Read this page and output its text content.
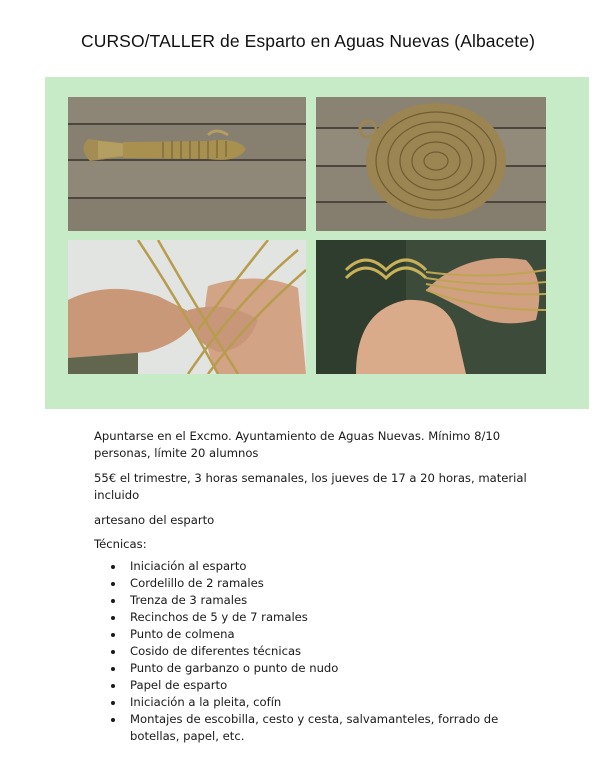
CURSO/TALLER de Esparto en Aguas Nuevas (Albacete)
Apuntarse en el Excmo. Ayuntamiento de Aguas Nuevas. Mínimo 8/10 personas, límite 20 alumnos
55€ el trimestre, 3 horas semanales, los jueves de 17 a 20 horas, material incluido
artesano del esparto
Técnicas:
Iniciación al esparto
Cordelillo de 2 ramales
Trenza de 3 ramales
Recinchos de 5 y de 7 ramales
Punto de colmena
Cosido de diferentes técnicas
Punto de garbanzo o punto de nudo
Papel de esparto
Iniciación a la pleita, cofín
Montajes de escobilla, cesto y cesta, salvamanteles, forrado de botellas, papel, etc.
